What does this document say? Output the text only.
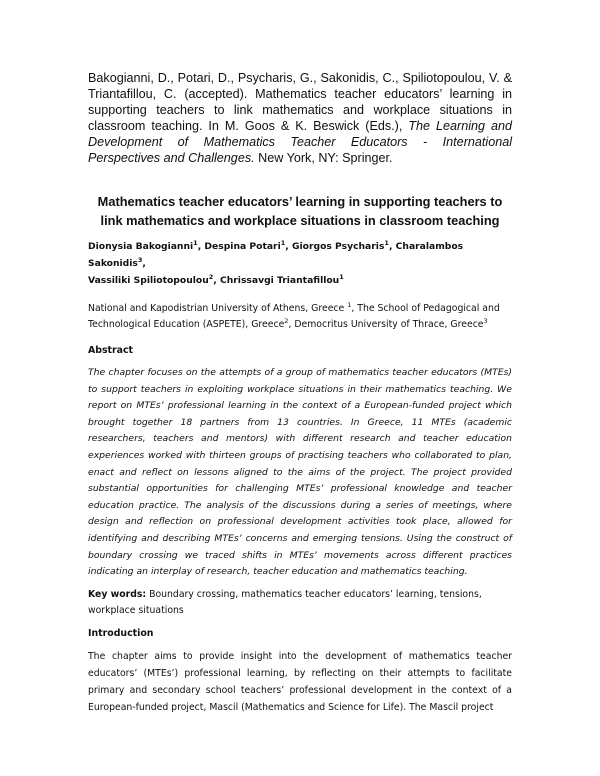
Bakogianni, D., Potari, D., Psycharis, G., Sakonidis, C., Spiliotopoulou, V. & Triantafillou, C. (accepted). Mathematics teacher educators’ learning in supporting teachers to link mathematics and workplace situations in classroom teaching. In M. Goos & K. Beswick (Eds.), The Learning and Development of Mathematics Teacher Educators - International Perspectives and Challenges. New York, NY: Springer.

Mathematics teacher educators’ learning in supporting teachers to link mathematics and workplace situations in classroom teaching
Dionysia Bakogianni$^1$, Despina Potari$^1$, Giorgos Psycharis$^1$, Charalambos Sakonidis$^3$,
Vassiliki Spiliotopoulou$^2$, Chrissavgi Triantafillou$^1$

National and Kapodistrian University of Athens, Greece $^1$, The School of Pedagogical and Technological Education (ASPETE), Greece$^2$, Democritus University of Thrace, Greece$^3$

Abstract

The chapter focuses on the attempts of a group of mathematics teacher educators (MTEs) to support teachers in exploiting workplace situations in their mathematics teaching. We report on MTEs’ professional learning in the context of a European-funded project which brought together 18 partners from 13 countries. In Greece, 11 MTEs (academic researchers, teachers and mentors) with different research and teacher education experiences worked with thirteen groups of practising teachers who collaborated to plan, enact and reflect on lessons aligned to the aims of the project. The project provided substantial opportunities for challenging MTEs’ professional knowledge and teacher education practice. The analysis of the discussions during a series of meetings, where design and reflection on professional development activities took place, allowed for identifying and describing MTEs’ concerns and emerging tensions. Using the construct of boundary crossing we traced shifts in MTEs’ movements across different practices indicating an interplay of research, teacher education and mathematics teaching.

Key words: Boundary crossing, mathematics teacher educators’ learning, tensions, workplace situations

Introduction

The chapter aims to provide insight into the development of mathematics teacher educators’ (MTEs’) professional learning, by reflecting on their attempts to facilitate primary and secondary school teachers’ professional development in the context of a European-funded project, Mascil (Mathematics and Science for Life). The Mascil project
